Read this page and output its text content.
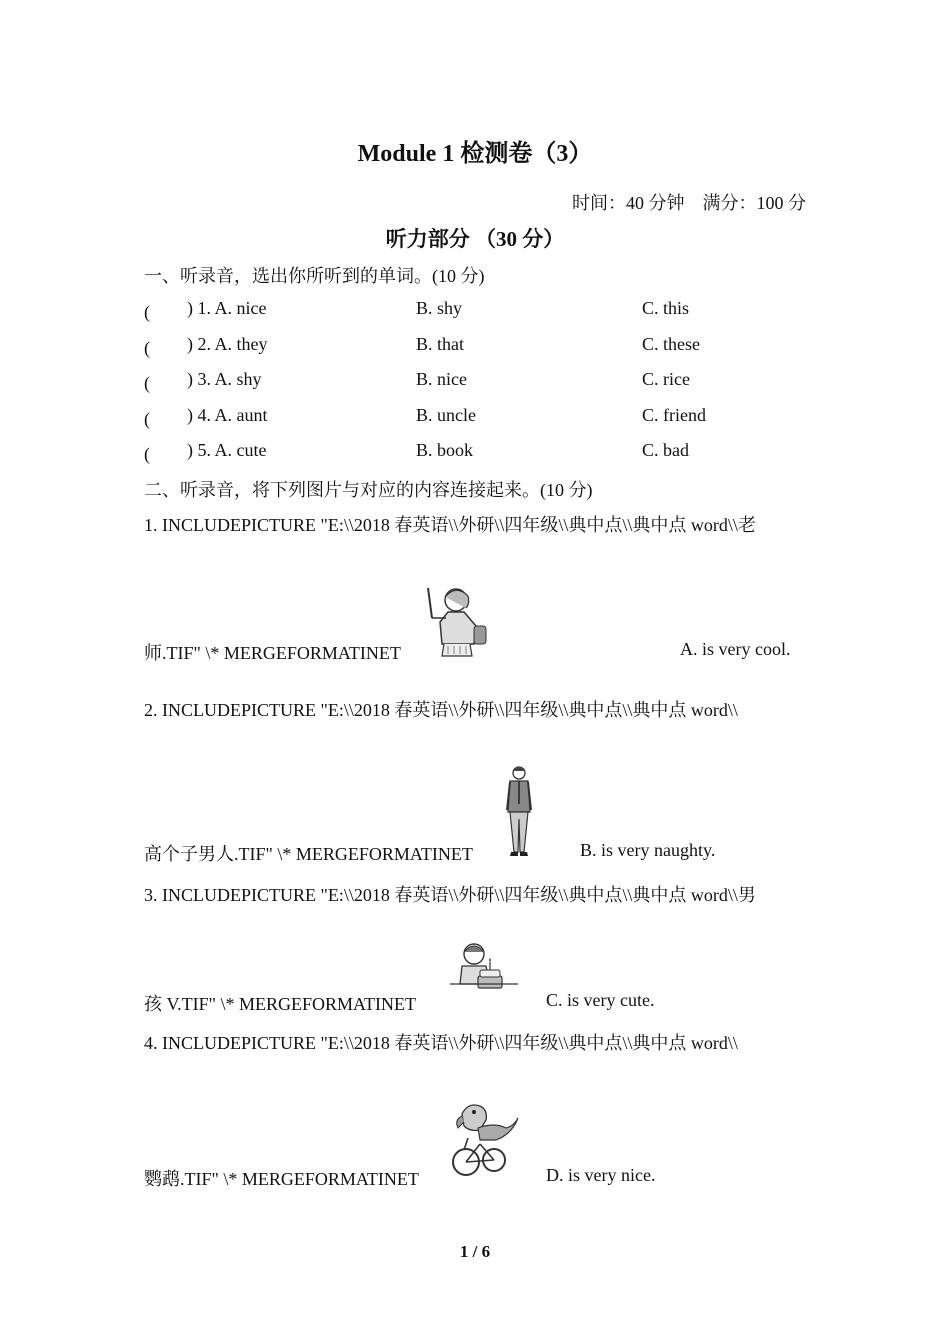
Module 1 检测卷（3）
时间：40 分钟　满分：100 分
听力部分 （30 分）
一、听录音，选出你所听到的单词。(10 分)
(　　 ) 1. A. nice	B. shy	C. this
(　　 ) 2. A. they	B. that	C. these
(　　 ) 3. A. shy	B. nice	C. rice
(　　 ) 4. A. aunt	B. uncle	C. friend
(　　 ) 5. A. cute	B. book	C. bad
二、听录音，将下列图片与对应的内容连接起来。(10 分)
1. INCLUDEPICTURE "E:\\2018 春英语\\外研\\四年级\\典中点\\典中点 word\\老
师.TIF" \* MERGEFORMATINET	A. is very cool.
2. INCLUDEPICTURE "E:\\2018 春英语\\外研\\四年级\\典中点\\典中点 word\\
高个子男人.TIF" \* MERGEFORMATINET	B. is very naughty.
3. INCLUDEPICTURE "E:\\2018 春英语\\外研\\四年级\\典中点\\典中点 word\\男
孩 V.TIF" \* MERGEFORMATINET	C. is very cute.
4. INCLUDEPICTURE "E:\\2018 春英语\\外研\\四年级\\典中点\\典中点 word\\
鹦鹉.TIF" \* MERGEFORMATINET	D. is very nice.
1 / 6
